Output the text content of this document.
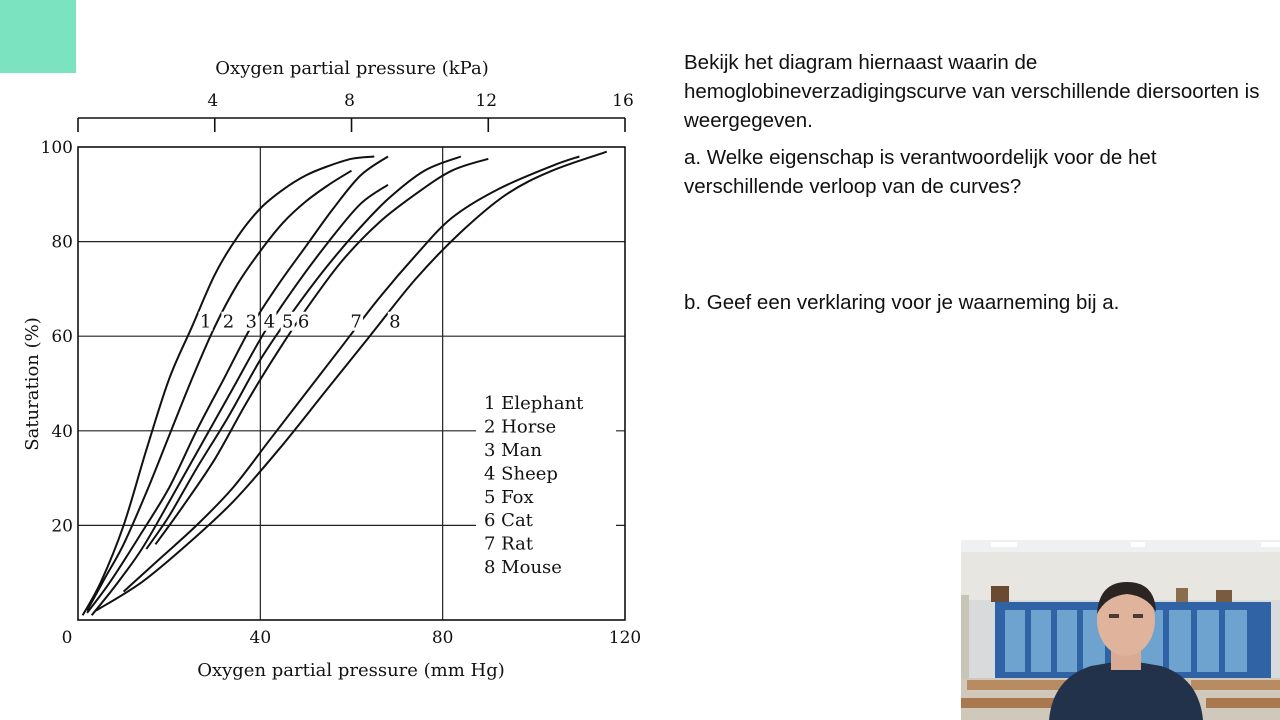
4	8	12	16
0	40	80	120
20
40
60
80
100
1 2 3 4 5 6 7 8
1 Elephant
2 Horse
3 Man
4 Sheep
5 Fox
6 Cat
7 Rat
8 Mouse
Oxygen partial pressure (kPa)
Oxygen partial pressure (mm Hg)
Saturation (%)

Bekijk het diagram hiernaast waarin de hemoglobineverzadigingscurve van verschillende diersoorten is weergegeven.

a. Welke eigenschap is verantwoordelijk voor de het verschillende verloop van de curves?

b. Geef een verklaring voor je waarneming bij a.
